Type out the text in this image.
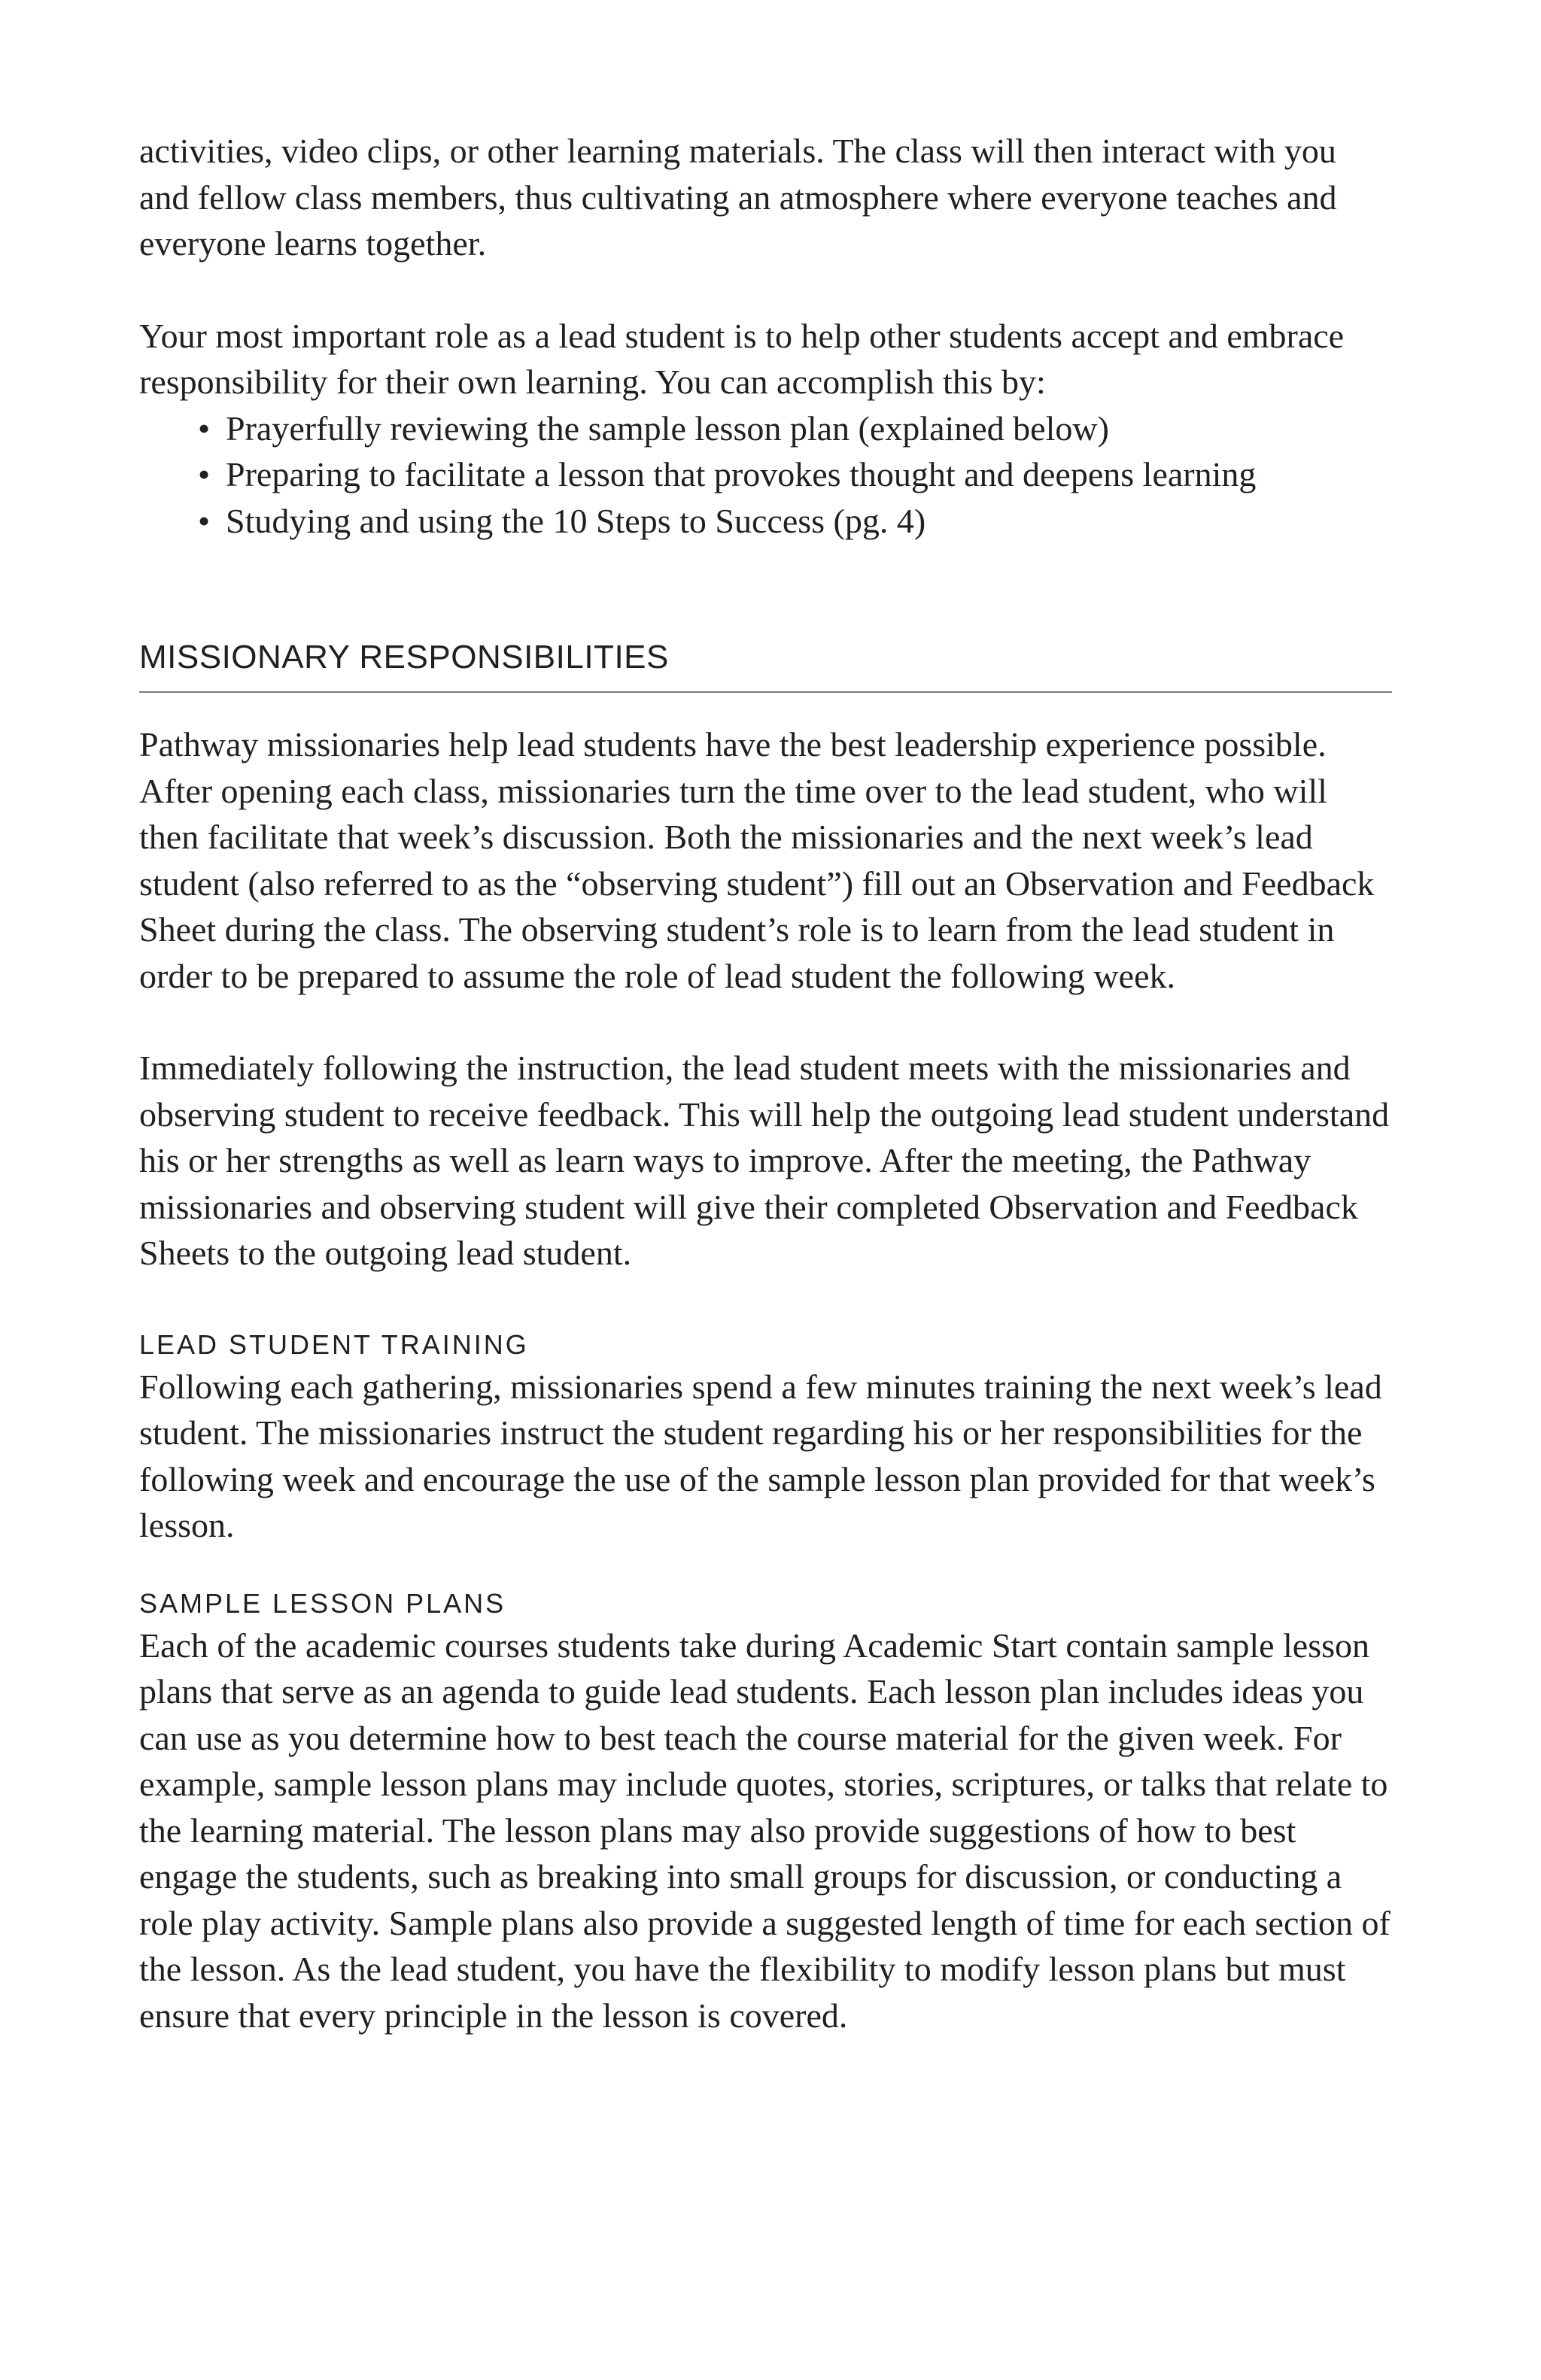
activities, video clips, or other learning materials. The class will then interact with you and fellow class members, thus cultivating an atmosphere where everyone teaches and everyone learns together.

Your most important role as a lead student is to help other students accept and embrace responsibility for their own learning. You can accomplish this by:

• Prayerfully reviewing the sample lesson plan (explained below)
• Preparing to facilitate a lesson that provokes thought and deepens learning
• Studying and using the 10 Steps to Success (pg. 4)
MISSIONARY RESPONSIBILITIES

Pathway missionaries help lead students have the best leadership experience possible. After opening each class, missionaries turn the time over to the lead student, who will then facilitate that week’s discussion. Both the missionaries and the next week’s lead student (also referred to as the “observing student”) fill out an Observation and Feedback Sheet during the class. The observing student’s role is to learn from the lead student in order to be prepared to assume the role of lead student the following week.

Immediately following the instruction, the lead student meets with the missionaries and observing student to receive feedback. This will help the outgoing lead student understand his or her strengths as well as learn ways to improve. After the meeting, the Pathway missionaries and observing student will give their completed Observation and Feedback Sheets to the outgoing lead student.

LEAD STUDENT TRAINING

Following each gathering, missionaries spend a few minutes training the next week’s lead student. The missionaries instruct the student regarding his or her responsibilities for the following week and encourage the use of the sample lesson plan provided for that week’s lesson.

SAMPLE LESSON PLANS

Each of the academic courses students take during Academic Start contain sample lesson plans that serve as an agenda to guide lead students. Each lesson plan includes ideas you can use as you determine how to best teach the course material for the given week. For example, sample lesson plans may include quotes, stories, scriptures, or talks that relate to the learning material. The lesson plans may also provide suggestions of how to best engage the students, such as breaking into small groups for discussion, or conducting a role play activity. Sample plans also provide a suggested length of time for each section of the lesson. As the lead student, you have the flexibility to modify lesson plans but must ensure that every principle in the lesson is covered.
